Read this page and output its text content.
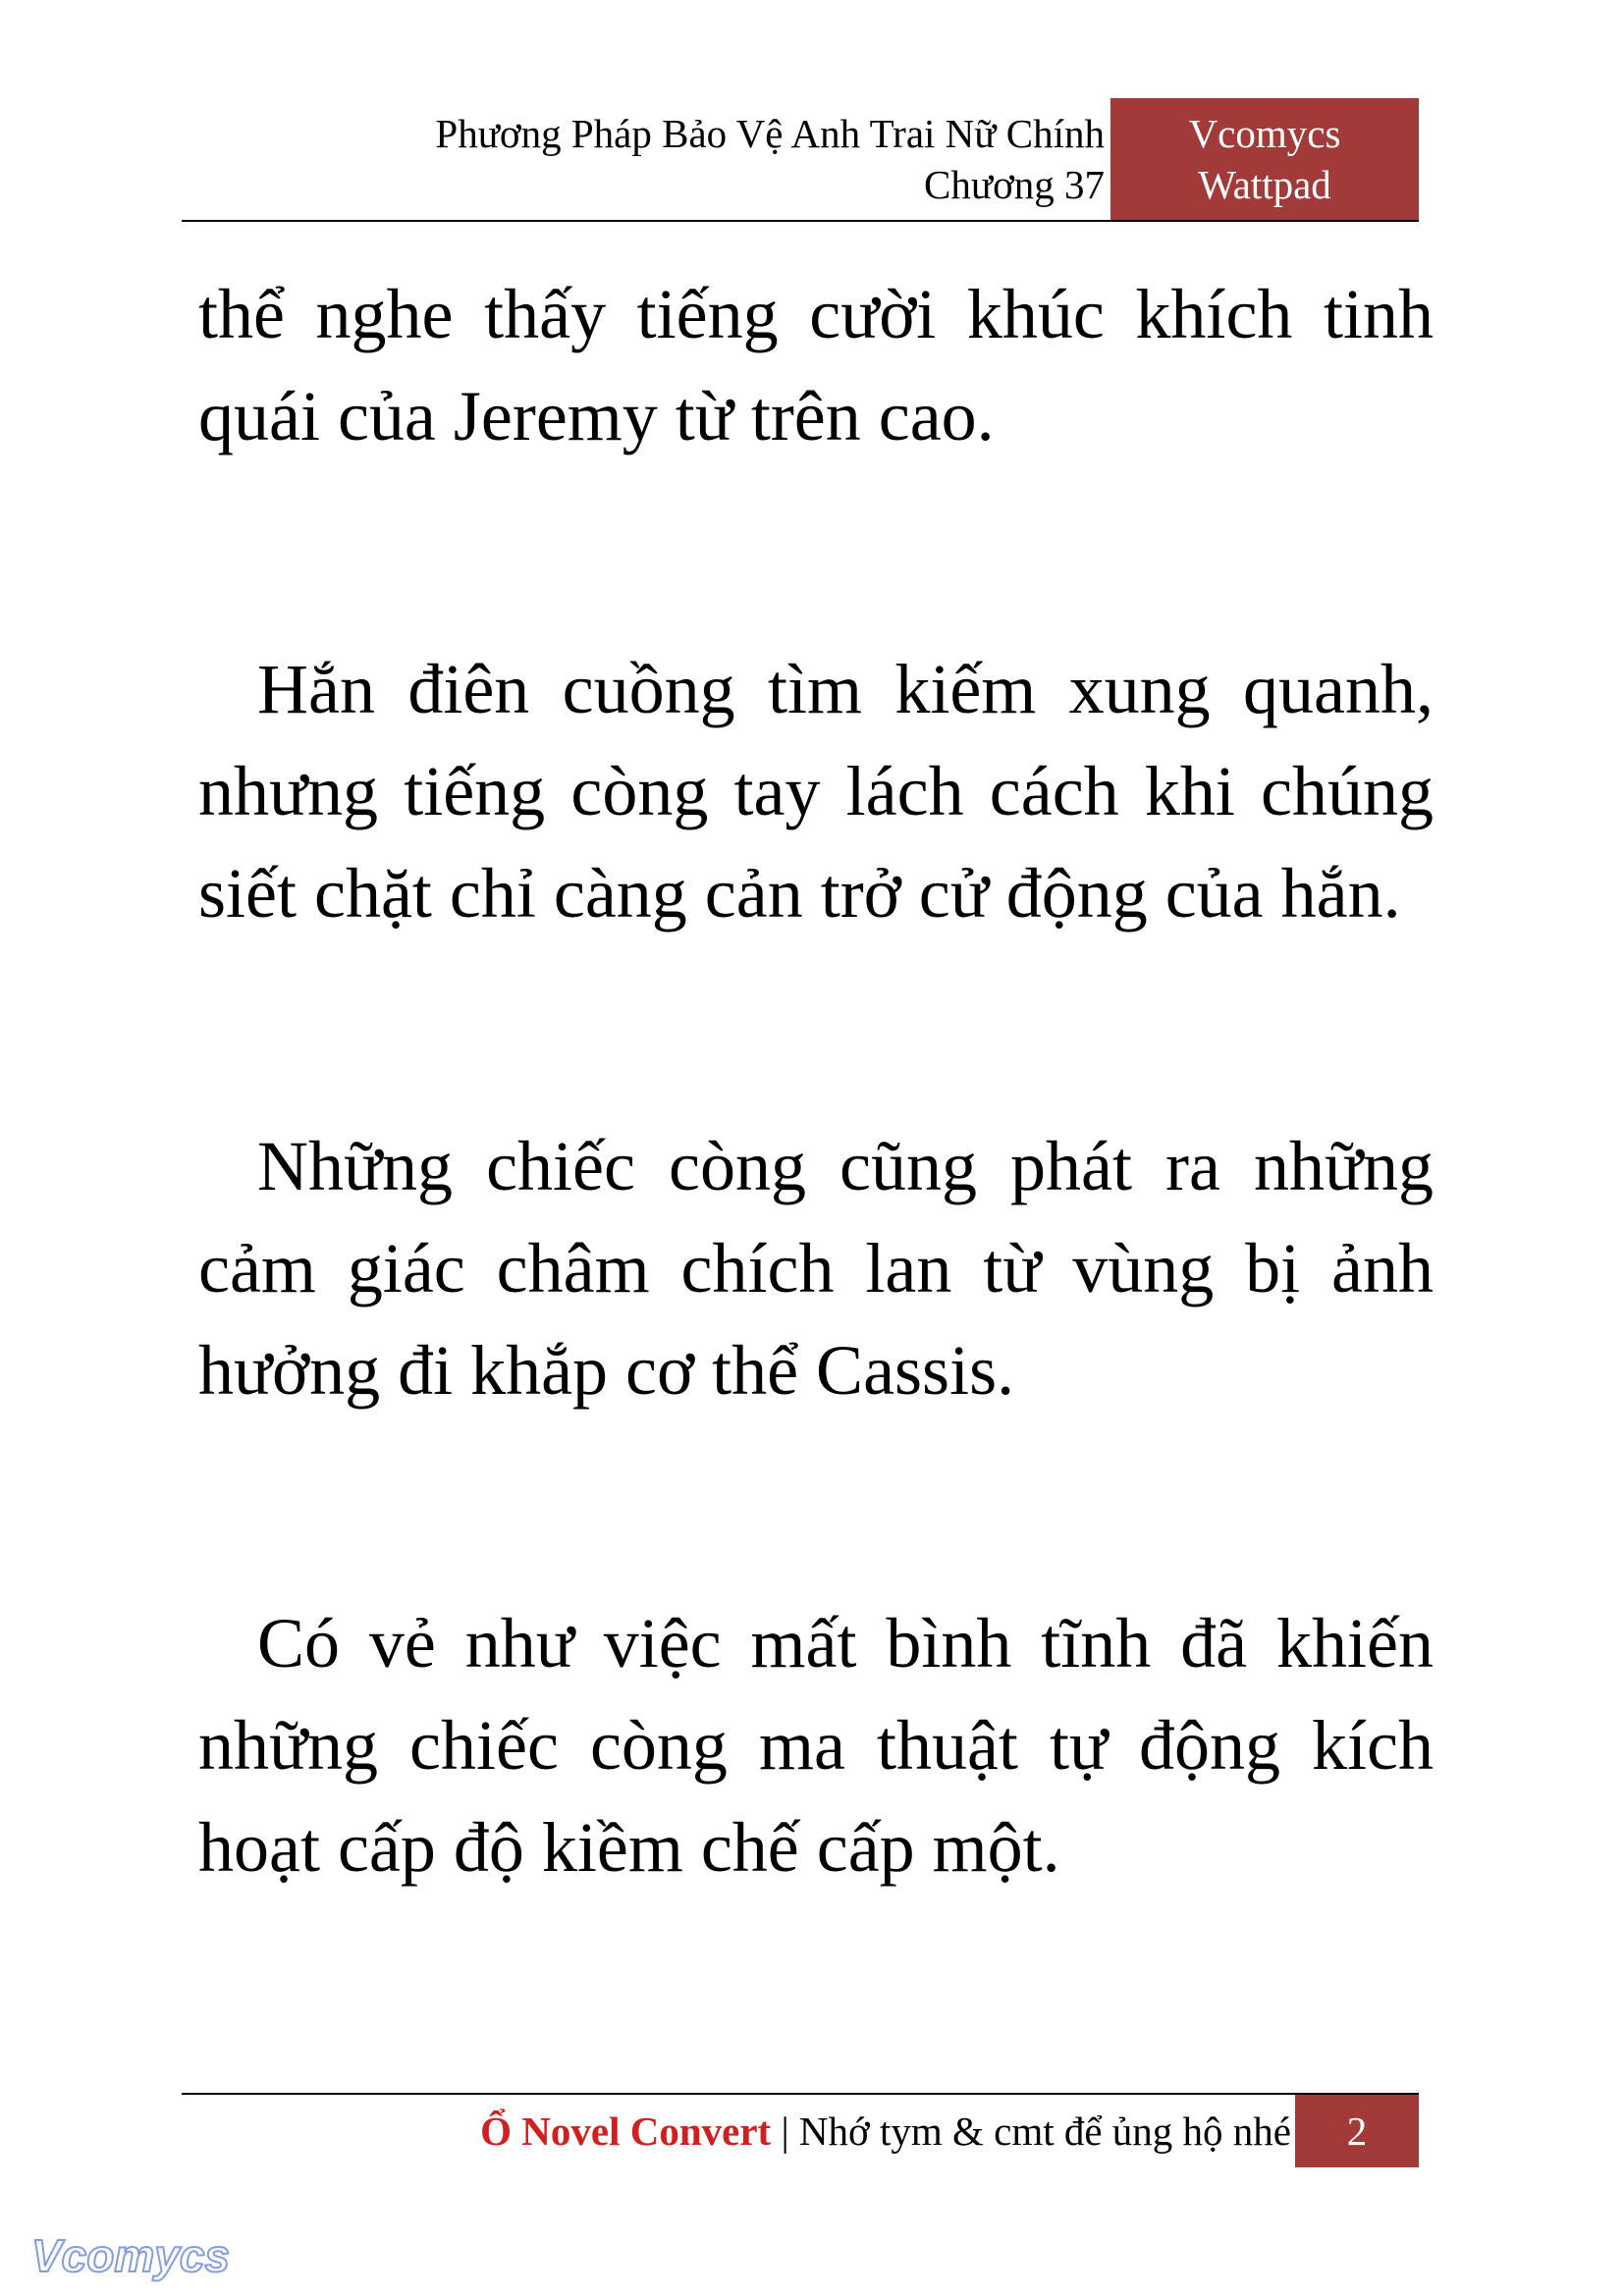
Phương Pháp Bảo Vệ Anh Trai Nữ Chính
Chương 37
Vcomycs
Wattpad

thể nghe thấy tiếng cười khúc khích tinh quái của Jeremy từ trên cao.

Hắn điên cuồng tìm kiếm xung quanh, nhưng tiếng còng tay lách cách khi chúng siết chặt chỉ càng cản trở cử động của hắn.

Những chiếc còng cũng phát ra những cảm giác châm chích lan từ vùng bị ảnh hưởng đi khắp cơ thể Cassis.

Có vẻ như việc mất bình tĩnh đã khiến những chiếc còng ma thuật tự động kích hoạt cấp độ kiềm chế cấp một.

Ổ Novel Convert | Nhớ tym & cmt để ủng hộ nhé	2
Vcomycs
